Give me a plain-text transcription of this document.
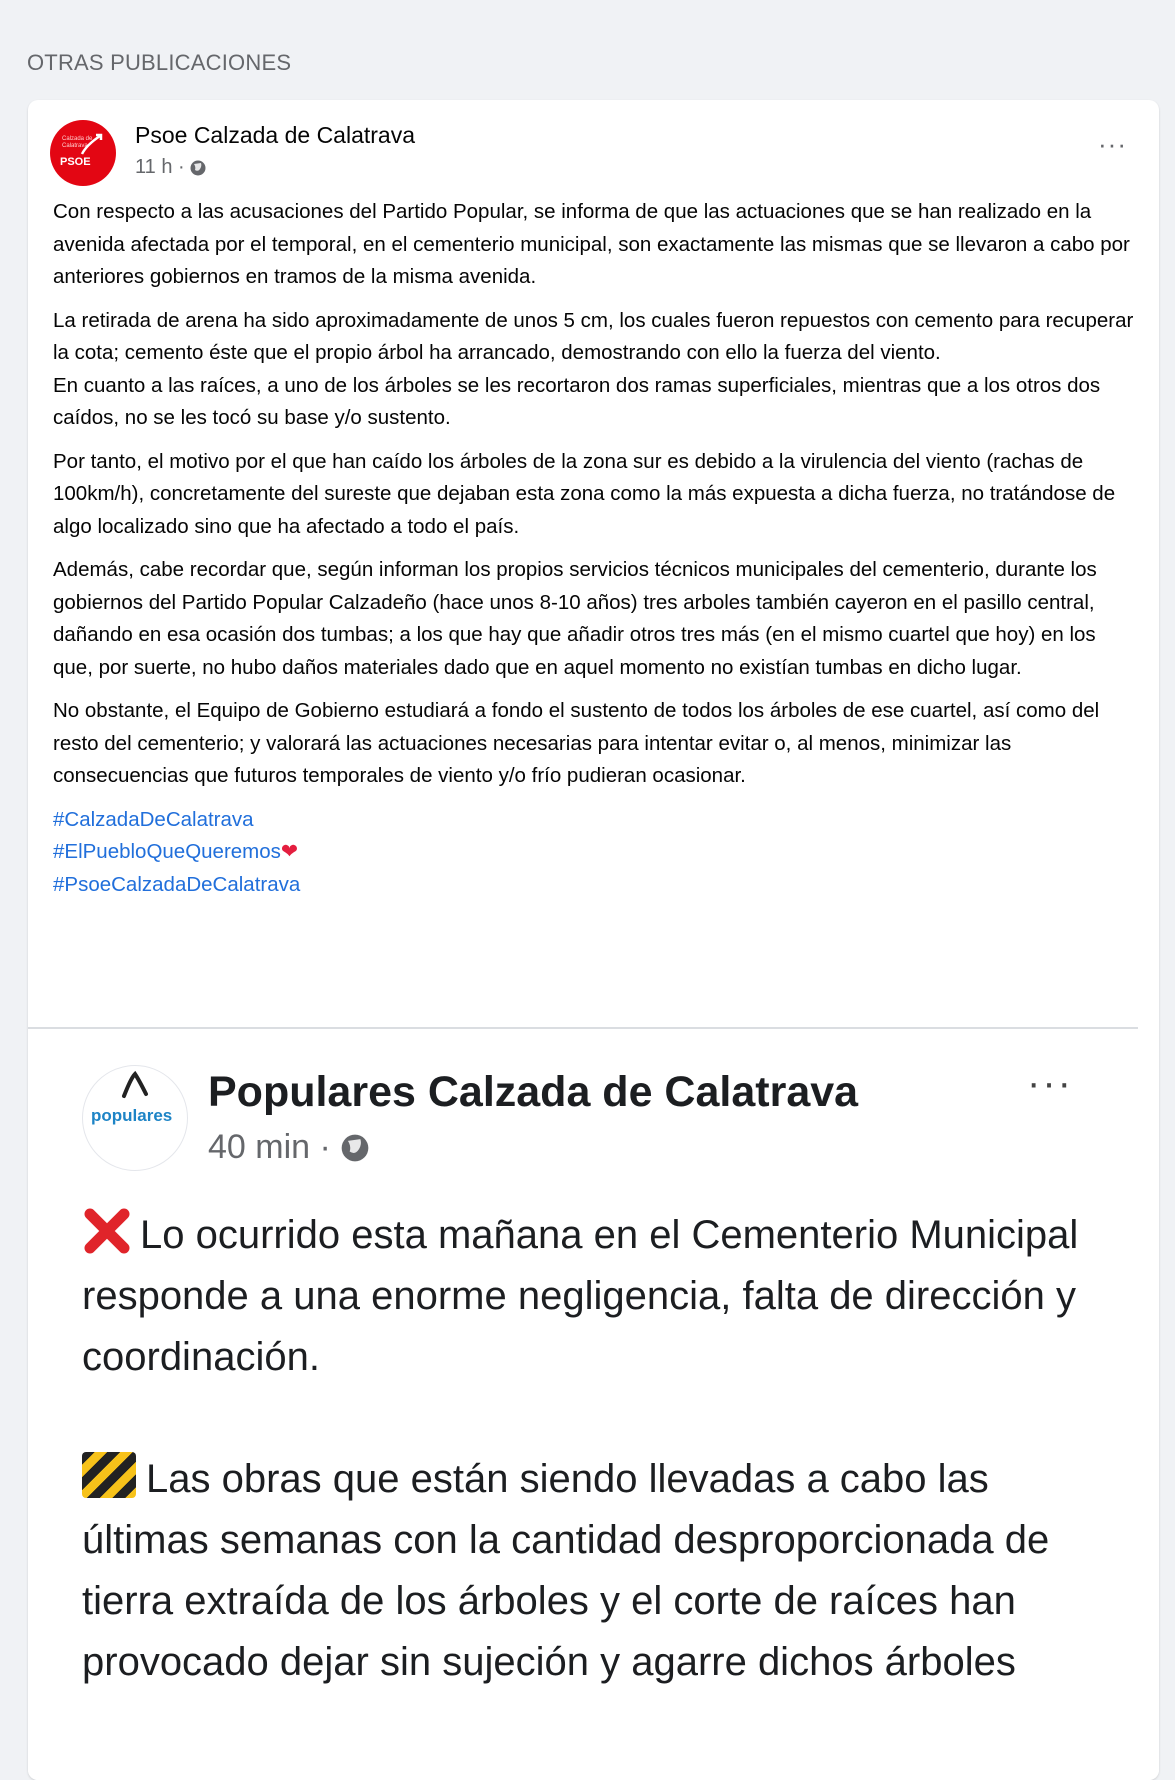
OTRAS PUBLICACIONES
Calzada de Calatrava
PSOE
Psoe Calzada de Calatrava
11 h ·
···

Con respecto a las acusaciones del Partido Popular, se informa de que las actuaciones que se han realizado en la avenida afectada por el temporal, en el cementerio municipal, son exactamente las mismas que se llevaron a cabo por anteriores gobiernos en tramos de la misma avenida.

La retirada de arena ha sido aproximadamente de unos 5 cm, los cuales fueron repuestos con cemento para recuperar la cota; cemento éste que el propio árbol ha arrancado, demostrando con ello la fuerza del viento.
En cuanto a las raíces, a uno de los árboles se les recortaron dos ramas superficiales, mientras que a los otros dos caídos, no se les tocó su base y/o sustento.

Por tanto, el motivo por el que han caído los árboles de la zona sur es debido a la virulencia del viento (rachas de 100km/h), concretamente del sureste que dejaban esta zona como la más expuesta a dicha fuerza, no tratándose de algo localizado sino que ha afectado a todo el país.

Además, cabe recordar que, según informan los propios servicios técnicos municipales del cementerio, durante los gobiernos del Partido Popular Calzadeño (hace unos 8-10 años) tres arboles también cayeron en el pasillo central, dañando en esa ocasión dos tumbas; a los que hay que añadir otros tres más (en el mismo cuartel que hoy) en los que, por suerte, no hubo daños materiales dado que en aquel momento no existían tumbas en dicho lugar.

No obstante, el Equipo de Gobierno estudiará a fondo el sustento de todos los árboles de ese cuartel, así como del resto del cementerio; y valorará las actuaciones necesarias para intentar evitar o, al menos, minimizar las consecuencias que futuros temporales de viento y/o frío pudieran ocasionar.

#CalzadaDeCalatrava
#ElPuebloQueQueremos❤
#PsoeCalzadaDeCalatrava
populares Populares Calzada de Calatrava
40 min ·
···

Lo ocurrido esta mañana en el Cementerio Municipal responde a una enorme negligencia, falta de dirección y coordinación.

Las obras que están siendo llevadas a cabo las últimas semanas con la cantidad desproporcionada de tierra extraída de los árboles y el corte de raíces han provocado dejar sin sujeción y agarre dichos árboles
